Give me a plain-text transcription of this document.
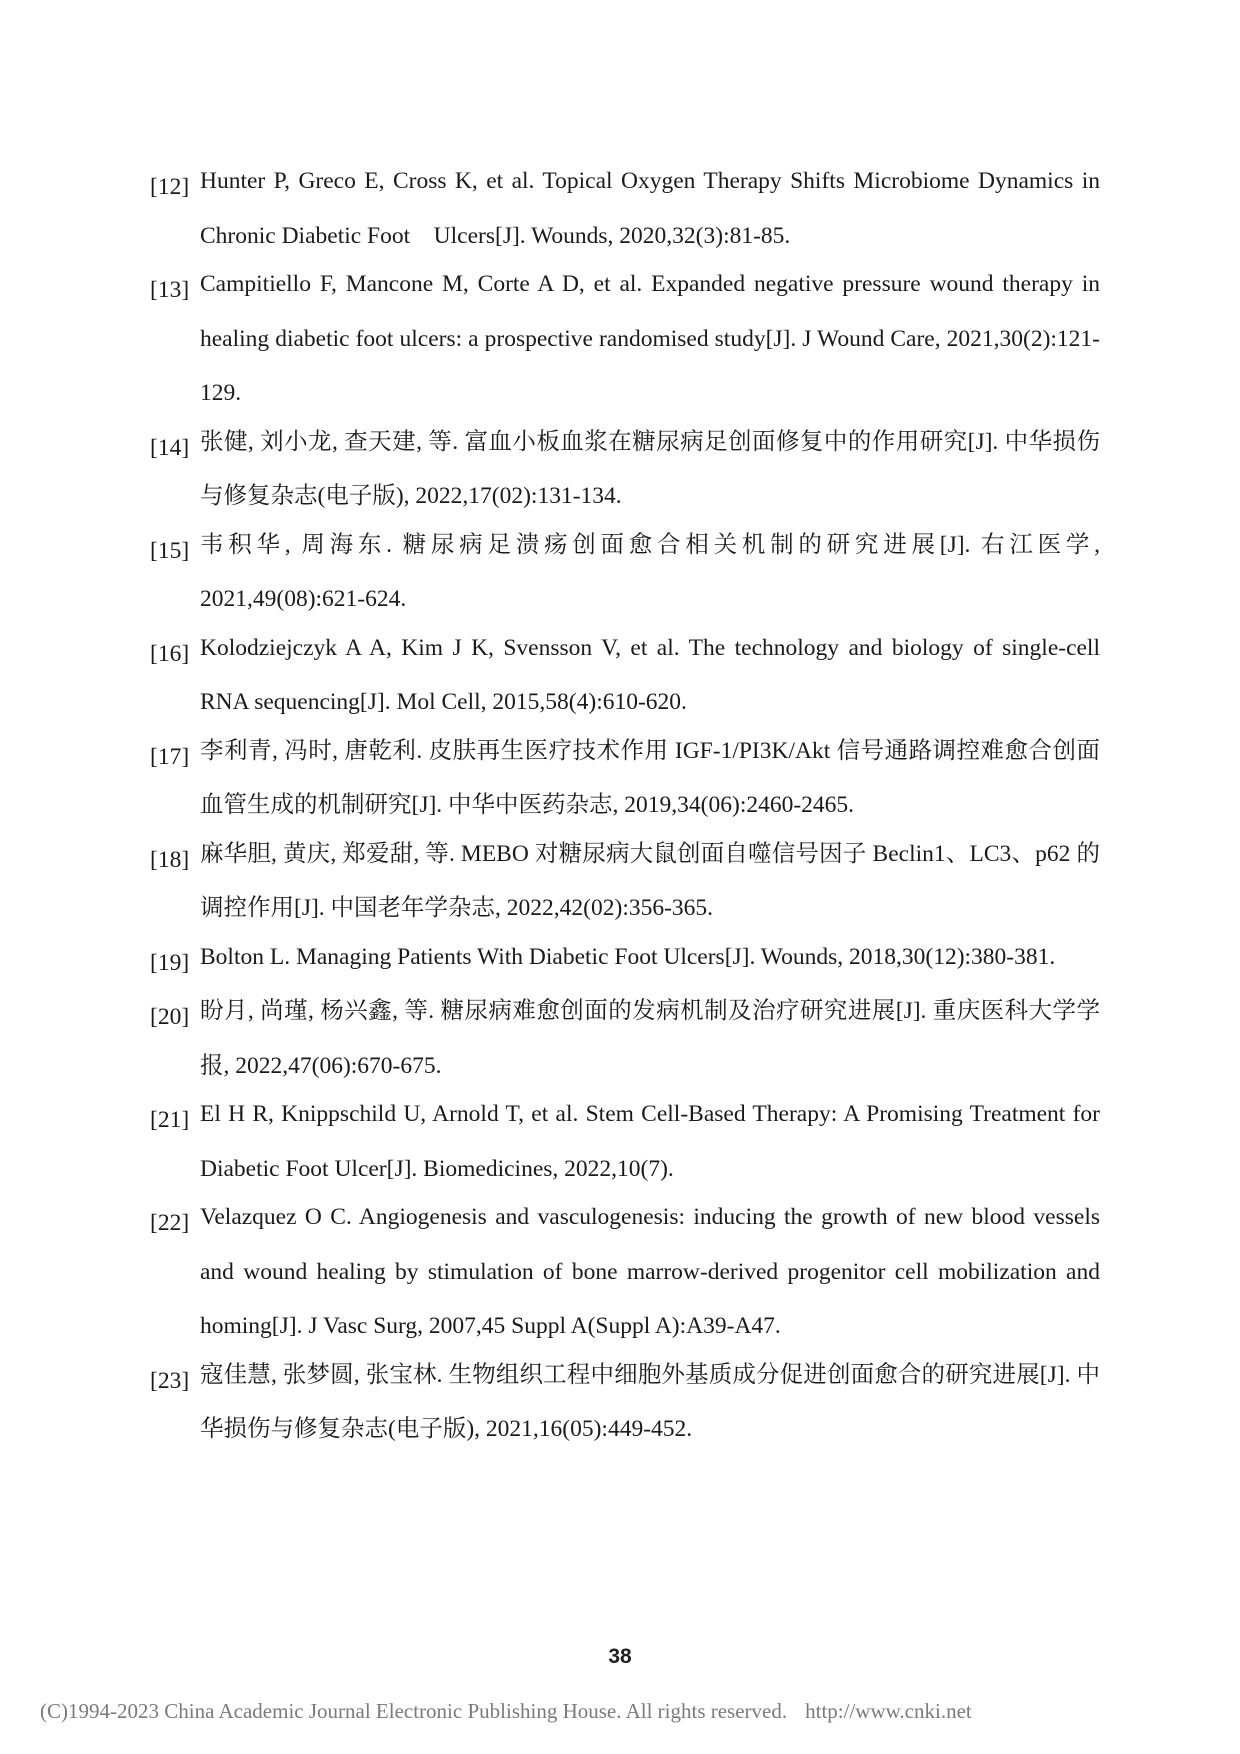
[12] Hunter P, Greco E, Cross K, et al. Topical Oxygen Therapy Shifts Microbiome Dynamics in Chronic Diabetic Foot    Ulcers[J]. Wounds, 2020,32(3):81-85.
[13] Campitiello F, Mancone M, Corte A D, et al. Expanded negative pressure wound therapy in healing diabetic foot ulcers: a prospective randomised study[J]. J Wound Care, 2021,30(2):121-129.
[14] 张健, 刘小龙, 查天建, 等. 富血小板血浆在糖尿病足创面修复中的作用研究[J]. 中华损伤与修复杂志(电子版), 2022,17(02):131-134.
[15] 韦积华, 周海东. 糖尿病足溃疡创面愈合相关机制的研究进展[J]. 右江医学, 2021,49(08):621-624.
[16] Kolodziejczyk A A, Kim J K, Svensson V, et al. The technology and biology of single-cell RNA sequencing[J]. Mol Cell, 2015,58(4):610-620.
[17] 李利青, 冯时, 唐乾利. 皮肤再生医疗技术作用 IGF-1/PI3K/Akt 信号通路调控难愈合创面血管生成的机制研究[J]. 中华中医药杂志, 2019,34(06):2460-2465.
[18] 麻华胆, 黄庆, 郑爱甜, 等. MEBO 对糖尿病大鼠创面自噬信号因子 Beclin1、LC3、p62 的调控作用[J]. 中国老年学杂志, 2022,42(02):356-365.
[19] Bolton L. Managing Patients With Diabetic Foot Ulcers[J]. Wounds, 2018,30(12):380-381.
[20] 盼月, 尚瑾, 杨兴鑫, 等. 糖尿病难愈创面的发病机制及治疗研究进展[J]. 重庆医科大学学报, 2022,47(06):670-675.
[21] El H R, Knippschild U, Arnold T, et al. Stem Cell-Based Therapy: A Promising Treatment for Diabetic Foot Ulcer[J]. Biomedicines, 2022,10(7).
[22] Velazquez O C. Angiogenesis and vasculogenesis: inducing the growth of new blood vessels and wound healing by stimulation of bone marrow-derived progenitor cell mobilization and homing[J]. J Vasc Surg, 2007,45 Suppl A(Suppl A):A39-A47.
[23] 寇佳慧, 张梦圆, 张宝林. 生物组织工程中细胞外基质成分促进创面愈合的研究进展[J]. 中华损伤与修复杂志(电子版), 2021,16(05):449-452.
38
(C)1994-2023 China Academic Journal Electronic Publishing House. All rights reserved. http://www.cnki.net
